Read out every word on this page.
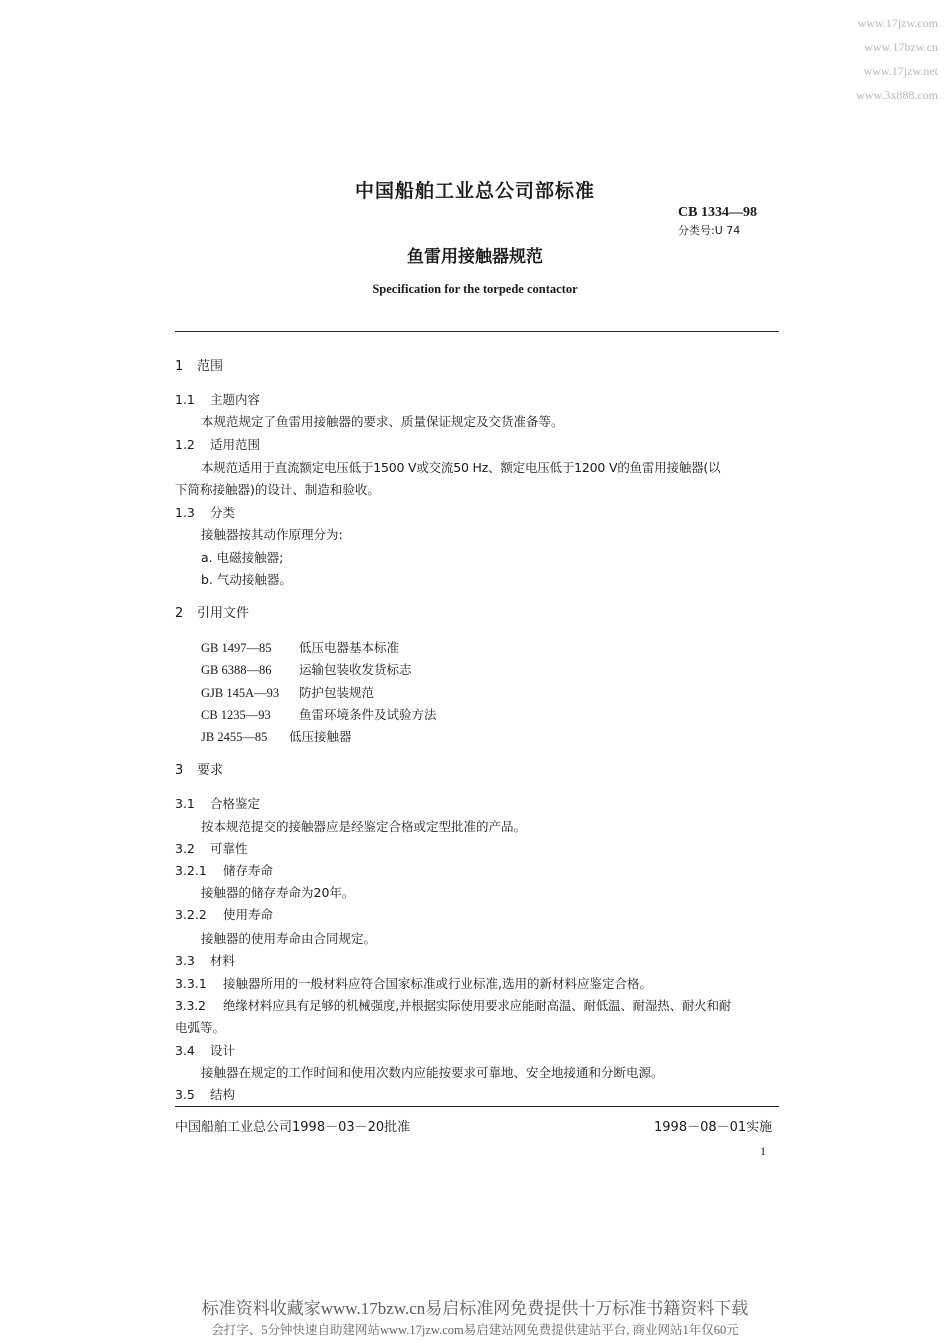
www.17jzw.com
www.17bzw.cn
www.17jzw.net
www.3x888.com
中国船舶工业总公司部标准
CB 1334—98
分类号:U 74
鱼雷用接触器规范
Specification for the torpede contactor
1 范围
1.1 主题内容
本规范规定了鱼雷用接触器的要求、质量保证规定及交货准备等。
1.2 适用范围
本规范适用于直流额定电压低于1500 V或交流50 Hz、额定电压低于1200 V的鱼雷用接触器(以
下简称接触器)的设计、制造和验收。
1.3 分类
接触器按其动作原理分为:
a. 电磁接触器;
b. 气动接触器。
2 引用文件
GB 1497—85 低压电器基本标准
GB 6388—86 运输包装收发货标志
GJB 145A—93 防护包装规范
CB 1235—93 鱼雷环境条件及试验方法
JB 2455—85 低压接触器
3 要求
3.1 合格鉴定
按本规范提交的接触器应是经鉴定合格或定型批准的产品。
3.2 可靠性
3.2.1 储存寿命
接触器的储存寿命为20年。
3.2.2 使用寿命
接触器的使用寿命由合同规定。
3.3 材料
3.3.1 接触器所用的一般材料应符合国家标准或行业标准,选用的新材料应鉴定合格。
3.3.2 绝缘材料应具有足够的机械强度,并根据实际使用要求应能耐高温、耐低温、耐湿热、耐火和耐
电弧等。
3.4 设计
接触器在规定的工作时间和使用次数内应能按要求可靠地、安全地接通和分断电源。
3.5 结构
中国船舶工业总公司1998－03－20批准	1998－08－01实施
1
标准资料收藏家www.17bzw.cn易启标准网免费提供十万标准书籍资料下载
会打字、5分钟快速自助建网站www.17jzw.com易启建站网免费提供建站平台, 商业网站1年仅60元
